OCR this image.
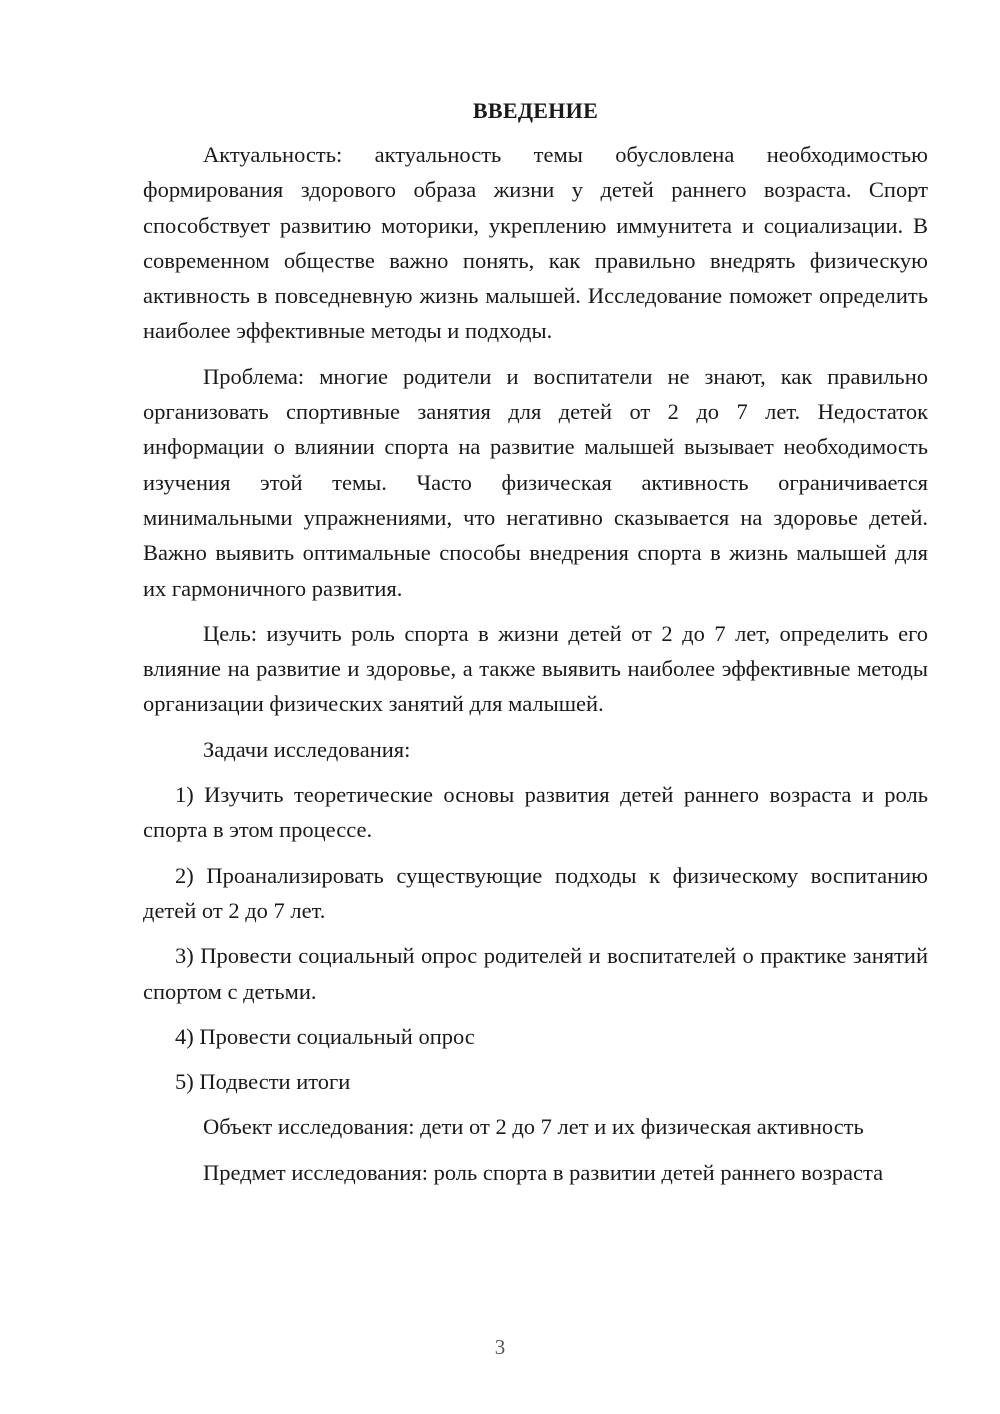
ВВЕДЕНИЕ

Актуальность: актуальность темы обусловлена необходимостью формирования здорового образа жизни у детей раннего возраста. Спорт способствует развитию моторики, укреплению иммунитета и социализации. В современном обществе важно понять, как правильно внедрять физическую активность в повседневную жизнь малышей. Исследование поможет определить наиболее эффективные методы и подходы.

Проблема: многие родители и воспитатели не знают, как правильно организовать спортивные занятия для детей от 2 до 7 лет. Недостаток информации о влиянии спорта на развитие малышей вызывает необходимость изучения этой темы. Часто физическая активность ограничивается минимальными упражнениями, что негативно сказывается на здоровье детей. Важно выявить оптимальные способы внедрения спорта в жизнь малышей для их гармоничного развития.

Цель: изучить роль спорта в жизни детей от 2 до 7 лет, определить его влияние на развитие и здоровье, а также выявить наиболее эффективные методы организации физических занятий для малышей.

Задачи исследования:

1) Изучить теоретические основы развития детей раннего возраста и роль спорта в этом процессе.

2) Проанализировать существующие подходы к физическому воспитанию детей от 2 до 7 лет.

3) Провести социальный опрос родителей и воспитателей о практике занятий спортом с детьми.

4) Провести социальный опрос

5) Подвести итоги

Объект исследования: дети от 2 до 7 лет и их физическая активность

Предмет исследования: роль спорта в развитии детей раннего возраста

3
